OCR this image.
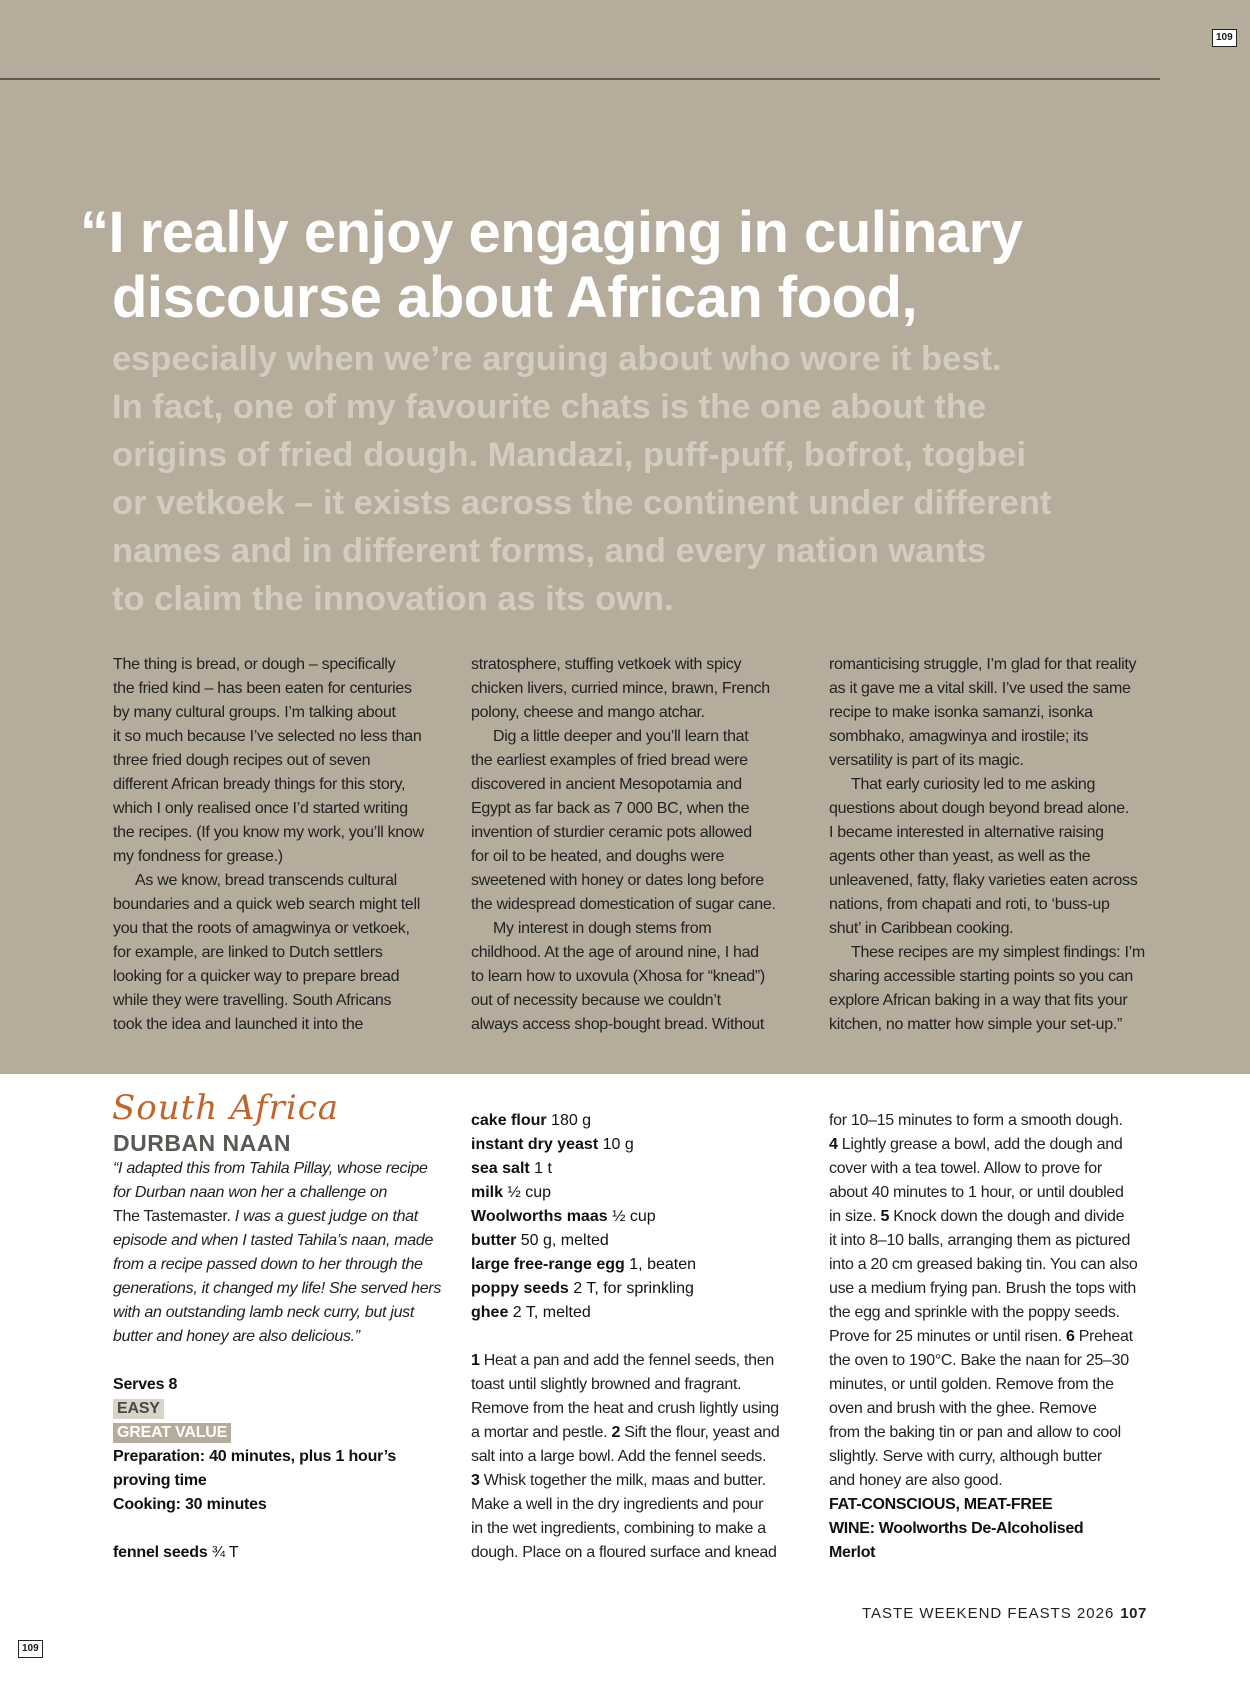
109
“I really enjoy engaging in culinary
discourse about African food,
especially when we’re arguing about who wore it best.
In fact, one of my favourite chats is the one about the
origins of fried dough. Mandazi, puff-puff, bofrot, togbei
or vetkoek – it exists across the continent under different
names and in different forms, and every nation wants
to claim the innovation as its own.
The thing is bread, or dough – specifically
the fried kind – has been eaten for centuries
by many cultural groups. I’m talking about
it so much because I’ve selected no less than
three fried dough recipes out of seven
different African bready things for this story,
which I only realised once I’d started writing
the recipes. (If you know my work, you’ll know
my fondness for grease.)
As we know, bread transcends cultural
boundaries and a quick web search might tell
you that the roots of amagwinya or vetkoek,
for example, are linked to Dutch settlers
looking for a quicker way to prepare bread
while they were travelling. South Africans
took the idea and launched it into the
stratosphere, stuffing vetkoek with spicy
chicken livers, curried mince, brawn, French
polony, cheese and mango atchar.
Dig a little deeper and you’ll learn that
the earliest examples of fried bread were
discovered in ancient Mesopotamia and
Egypt as far back as 7 000 BC, when the
invention of sturdier ceramic pots allowed
for oil to be heated, and doughs were
sweetened with honey or dates long before
the widespread domestication of sugar cane.
My interest in dough stems from
childhood. At the age of around nine, I had
to learn how to uxovula (Xhosa for “knead”)
out of necessity because we couldn’t
always access shop-bought bread. Without
romanticising struggle, I’m glad for that reality
as it gave me a vital skill. I’ve used the same
recipe to make isonka samanzi, isonka
sombhako, amagwinya and irostile; its
versatility is part of its magic.
That early curiosity led to me asking
questions about dough beyond bread alone.
I became interested in alternative raising
agents other than yeast, as well as the
unleavened, fatty, flaky varieties eaten across
nations, from chapati and roti, to ‘buss-up
shut’ in Caribbean cooking.
These recipes are my simplest findings: I’m
sharing accessible starting points so you can
explore African baking in a way that fits your
kitchen, no matter how simple your set-up.”
South Africa
DURBAN NAAN
“I adapted this from Tahila Pillay, whose recipe
for Durban naan won her a challenge on
The Tastemaster. I was a guest judge on that
episode and when I tasted Tahila’s naan, made
from a recipe passed down to her through the
generations, it changed my life! She served hers
with an outstanding lamb neck curry, but just
butter and honey are also delicious.”
Serves 8
EASY
GREAT VALUE
Preparation: 40 minutes, plus 1 hour’s
proving time
Cooking: 30 minutes
fennel seeds ¾ T
cake flour 180 g
instant dry yeast 10 g
sea salt 1 t
milk ½ cup
Woolworths maas ½ cup
butter 50 g, melted
large free-range egg 1, beaten
poppy seeds 2 T, for sprinkling
ghee 2 T, melted
1 Heat a pan and add the fennel seeds, then
toast until slightly browned and fragrant.
Remove from the heat and crush lightly using
a mortar and pestle. 2 Sift the flour, yeast and
salt into a large bowl. Add the fennel seeds.
3 Whisk together the milk, maas and butter.
Make a well in the dry ingredients and pour
in the wet ingredients, combining to make a
dough. Place on a floured surface and knead
for 10–15 minutes to form a smooth dough.
4 Lightly grease a bowl, add the dough and
cover with a tea towel. Allow to prove for
about 40 minutes to 1 hour, or until doubled
in size. 5 Knock down the dough and divide
it into 8–10 balls, arranging them as pictured
into a 20 cm greased baking tin. You can also
use a medium frying pan. Brush the tops with
the egg and sprinkle with the poppy seeds.
Prove for 25 minutes or until risen. 6 Preheat
the oven to 190°C. Bake the naan for 25–30
minutes, or until golden. Remove from the
oven and brush with the ghee. Remove
from the baking tin or pan and allow to cool
slightly. Serve with curry, although butter
and honey are also good.
FAT-CONSCIOUS, MEAT-FREE
WINE: Woolworths De-Alcoholised
Merlot
TASTE WEEKEND FEASTS 2026 107
109
